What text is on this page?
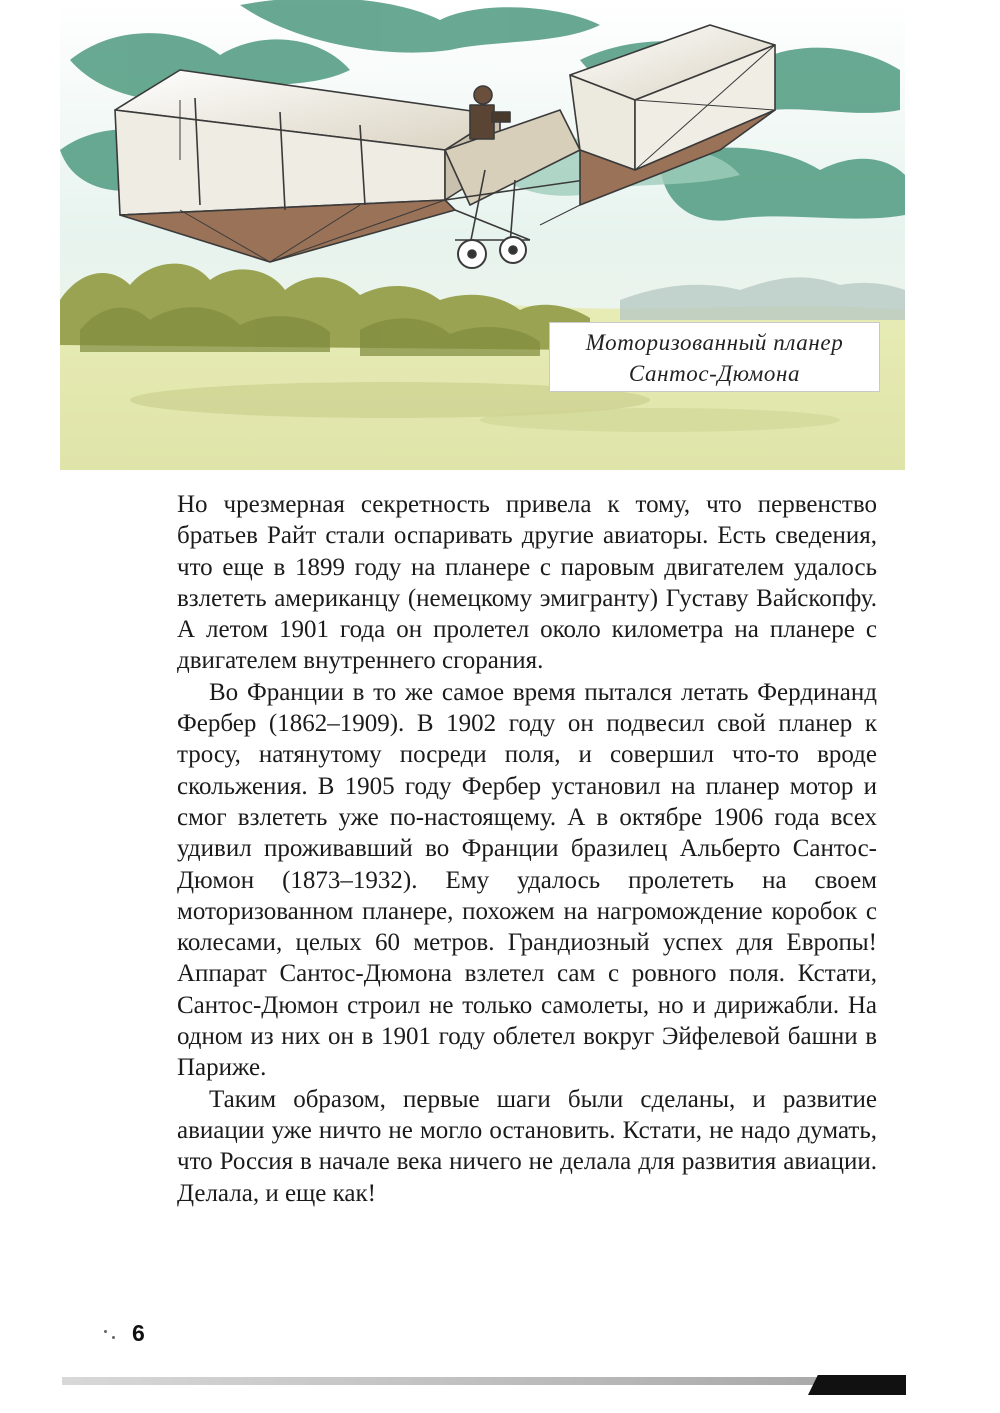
Моторизованный планер
Сантос-Дюмона

Но чрезмерная секретность привела к тому, что первенство братьев Райт стали оспаривать другие авиаторы. Есть сведения, что еще в 1899 году на планере с паровым двигателем удалось взлететь американцу (немецкому эмигранту) Густаву Вайскопфу. А летом 1901 года он пролетел около километра на планере с двигателем внутреннего сгорания.

Во Франции в то же самое время пытался летать Фердинанд Фербер (1862–1909). В 1902 году он подвесил свой планер к тросу, натянутому посреди поля, и совершил что-то вроде скольжения. В 1905 году Фербер установил на планер мотор и смог взлететь уже по-настоящему. А в октябре 1906 года всех удивил проживавший во Франции бразилец Альберто Сантос-Дюмон (1873–1932). Ему удалось пролететь на своем моторизованном планере, похожем на нагромождение коробок с колесами, целых 60 метров. Грандиозный успех для Европы! Аппарат Сантос-Дюмона взлетел сам с ровного поля. Кстати, Сантос-Дюмон строил не только самолеты, но и дирижабли. На одном из них он в 1901 году облетел вокруг Эйфелевой башни в Париже.

Таким образом, первые шаги были сделаны, и развитие авиации уже ничто не могло остановить. Кстати, не надо думать, что Россия в начале века ничего не делала для развития авиации. Делала, и еще как!

6
